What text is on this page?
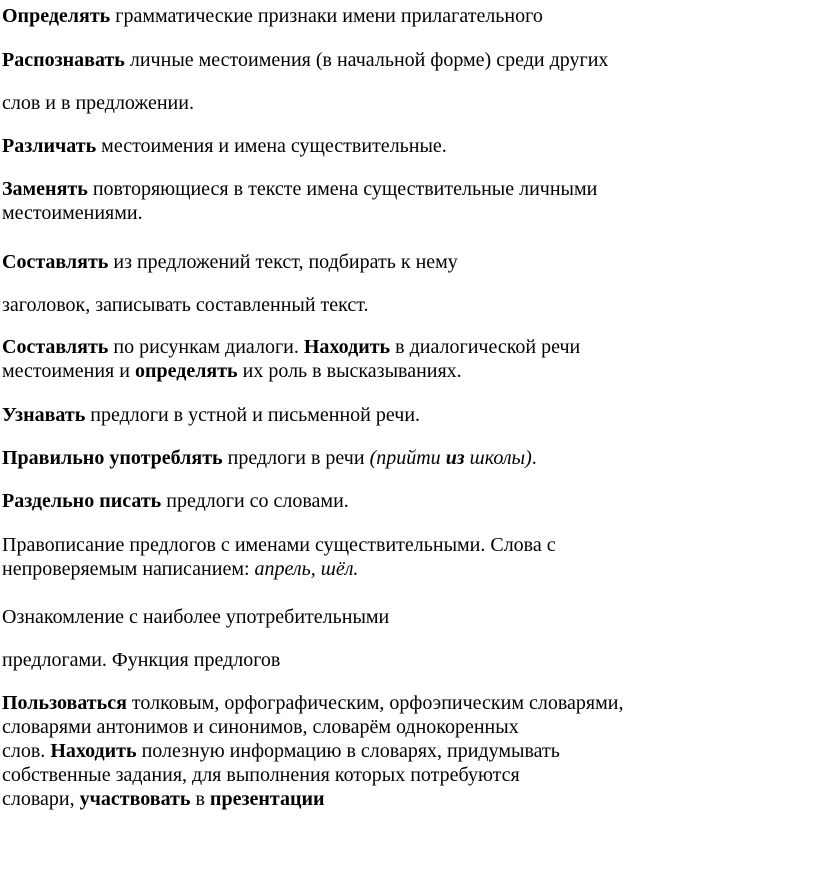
Определять грамматические признаки имени прилагательного
Распознавать личные местоимения (в начальной форме) среди других
слов и в предложении.
Различать местоимения и имена существительные.
Заменять повторяющиеся в тексте имена существительные личными
местоимениями.
Составлять из предложений текст, подбирать к нему
заголовок, записывать составленный текст.
Составлять по рисункам диалоги. Находить в диалогической речи
местоимения и определять их роль в высказываниях.
Узнавать предлоги в устной и письменной речи.
Правильно употреблять предлоги в речи (прийти из школы).
Раздельно писать предлоги со словами.
Правописание предлогов с именами существительными. Слова с
непроверяемым написанием: апрель, шёл.
Ознакомление с наиболее употребительными
предлогами. Функция предлогов
Пользоваться толковым, орфографическим, орфоэпическим словарями,
словарями антонимов и синонимов, словарём однокоренных
слов. Находить полезную информацию в словарях, придумывать
собственные задания, для выполнения которых потребуются
словари, участвовать в презентации
